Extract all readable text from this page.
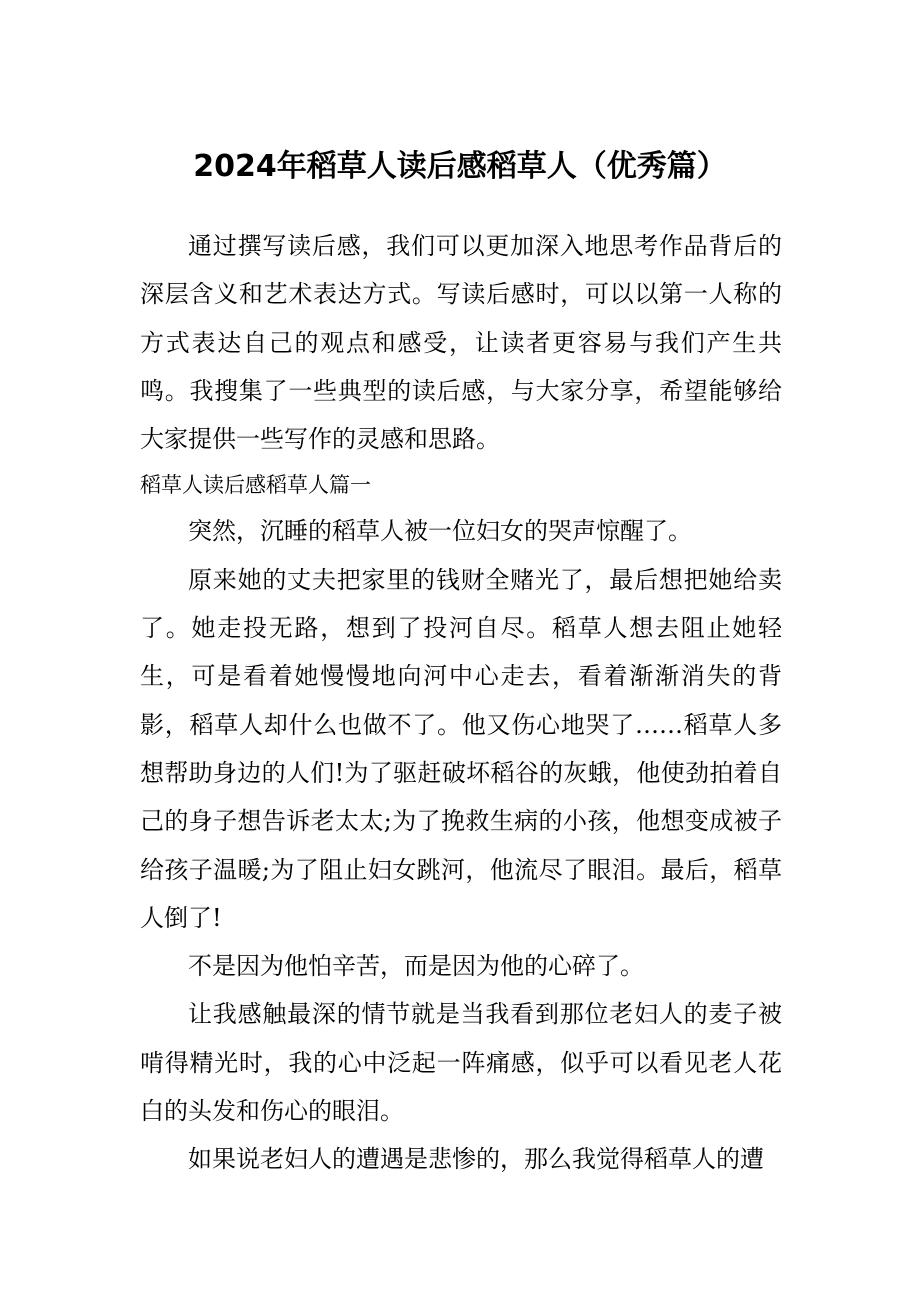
2024年稻草人读后感稻草人（优秀篇）

通过撰写读后感，我们可以更加深入地思考作品背后的深层含义和艺术表达方式。写读后感时，可以以第一人称的方式表达自己的观点和感受，让读者更容易与我们产生共鸣。我搜集了一些典型的读后感，与大家分享，希望能够给大家提供一些写作的灵感和思路。

稻草人读后感稻草人篇一

突然，沉睡的稻草人被一位妇女的哭声惊醒了。

原来她的丈夫把家里的钱财全赌光了，最后想把她给卖了。她走投无路，想到了投河自尽。稻草人想去阻止她轻生，可是看着她慢慢地向河中心走去，看着渐渐消失的背影，稻草人却什么也做不了。他又伤心地哭了……稻草人多想帮助身边的人们!为了驱赶破坏稻谷的灰蛾，他使劲拍着自己的身子想告诉老太太;为了挽救生病的小孩，他想变成被子给孩子温暖;为了阻止妇女跳河，他流尽了眼泪。最后，稻草人倒了!

不是因为他怕辛苦，而是因为他的心碎了。

让我感触最深的情节就是当我看到那位老妇人的麦子被啃得精光时，我的心中泛起一阵痛感，似乎可以看见老人花白的头发和伤心的眼泪。

如果说老妇人的遭遇是悲惨的，那么我觉得稻草人的遭
